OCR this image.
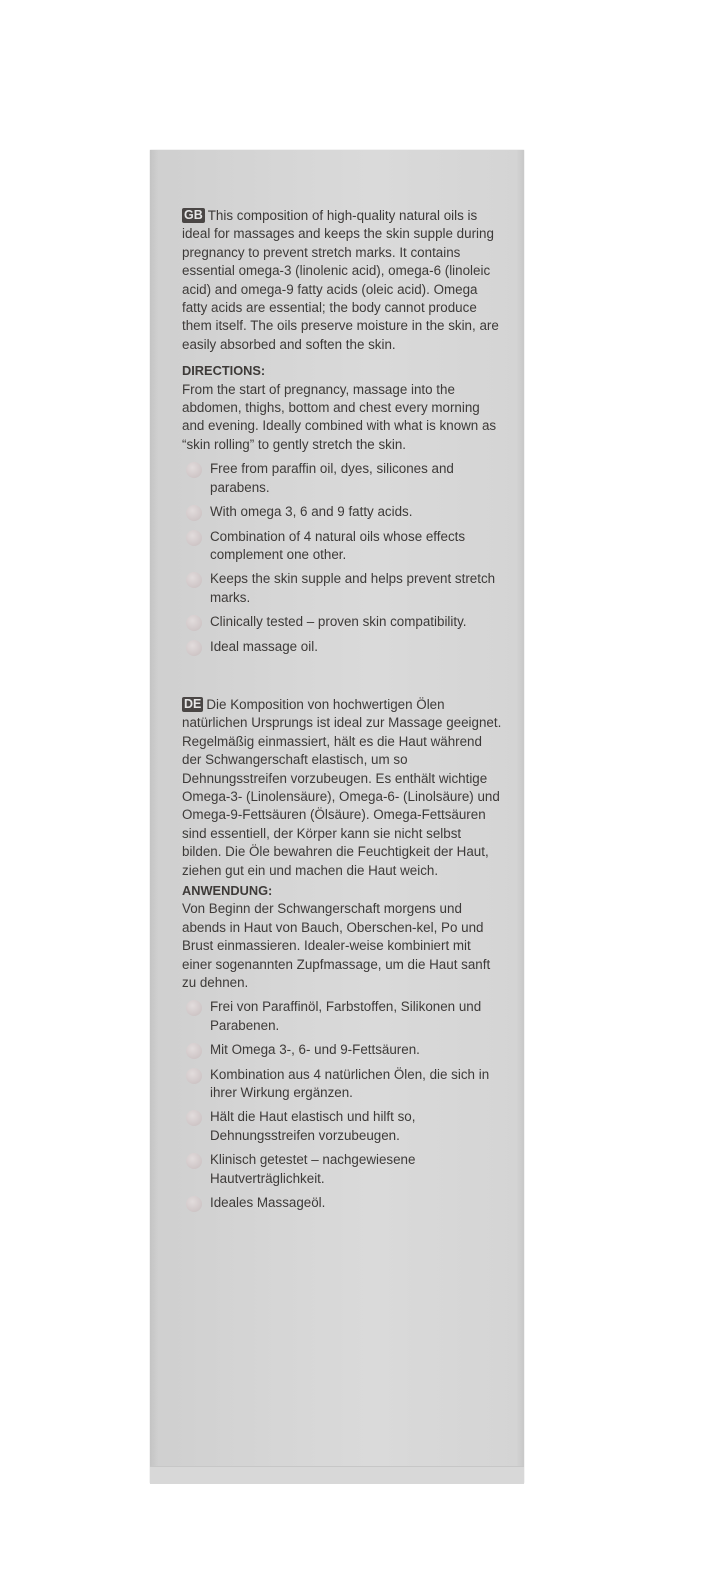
GB This composition of high-quality natural oils is ideal for massages and keeps the skin supple during pregnancy to prevent stretch marks. It contains essential omega-3 (linolenic acid), omega-6 (linoleic acid) and omega-9 fatty acids (oleic acid). Omega fatty acids are essential; the body cannot produce them itself. The oils preserve moisture in the skin, are easily absorbed and soften the skin.

DIRECTIONS:

From the start of pregnancy, massage into the abdomen, thighs, bottom and chest every morning and evening. Ideally combined with what is known as “skin rolling” to gently stretch the skin.

Free from paraffin oil, dyes, silicones and parabens.
With omega 3, 6 and 9 fatty acids.
Combination of 4 natural oils whose effects complement one other.
Keeps the skin supple and helps prevent stretch marks.
Clinically tested – proven skin compatibility.
Ideal massage oil.

DE Die Komposition von hochwertigen Ölen natürlichen Ursprungs ist ideal zur Massage geeignet. Regelmäßig einmassiert, hält es die Haut während der Schwangerschaft elastisch, um so Dehnungsstreifen vorzubeugen. Es enthält wichtige Omega-3- (Linolensäure), Omega-6- (Linolsäure) und Omega-9-Fettsäuren (Ölsäure). Omega-Fettsäuren sind essentiell, der Körper kann sie nicht selbst bilden. Die Öle bewahren die Feuchtigkeit der Haut, ziehen gut ein und machen die Haut weich.

ANWENDUNG:

Von Beginn der Schwangerschaft morgens und abends in Haut von Bauch, Oberschen-kel, Po und Brust einmassieren. Idealer-weise kombiniert mit einer sogenannten Zupfmassage, um die Haut sanft zu dehnen.

Frei von Paraffinöl, Farbstoffen, Silikonen und Parabenen.
Mit Omega 3-, 6- und 9-Fettsäuren.
Kombination aus 4 natürlichen Ölen, die sich in ihrer Wirkung ergänzen.
Hält die Haut elastisch und hilft so, Dehnungsstreifen vorzubeugen.
Klinisch getestet – nachgewiesene Hautverträglichkeit.
Ideales Massageöl.
